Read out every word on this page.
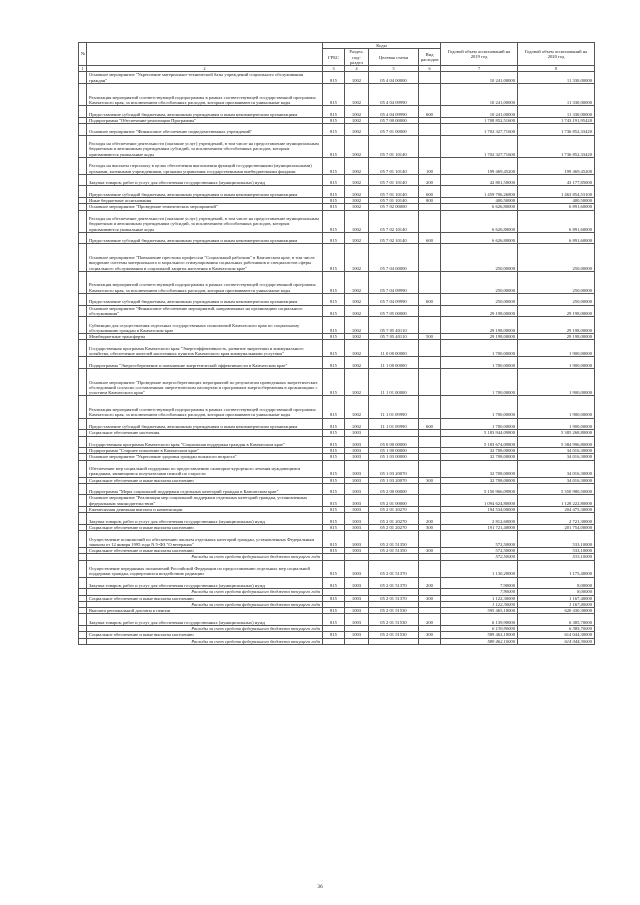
№		Коды				Годовой объем ассигнований на 2019 год	Годовой объем ассигнований на 2020 год
		ГРБС	Раздел, под-раздел	Целевая статья	Вид расходов		
1	2	3	4	5	6	7	8
	Основное мероприятие "Укрепление материально-технической базы учреждений социального обслуживания граждан"	815	1002	05 4 04 00000		10 241,00000	11 330,00000
	Реализация мероприятий соответствующей подпрограммы в рамках соответствующей государственной программы Камчатского края, за исключением обособленных расходов, которым присваиваются уникальные коды	815	1002	05 4 04 09990		10 241,00000	11 330,00000
	Предоставление субсидий бюджетным, автономным учреждениям и иным некоммерческим организациям	815	1002	05 4 04 09990	600	10 241,00000	11 330,00000
	Подпрограмма "Обеспечение реализации Программы"	815	1002	05 7 00 00000		1 708 852,51600	1 743 191,95420
	Основное мероприятие "Финансовое обеспечение подведомственных учреждений"	815	1002	05 7 01 00000		1 702 327,71600	1 736 852,33420
	Расходы на обеспечение деятельности (оказание услуг) учреждений, в том числе на предоставление муниципальным бюджетным и автономным учреждениям субсидий, за исключением обособленных расходов, которым присваиваются уникальные коды	815	1002	05 7 01 10140		1 702 327,71600	1 736 852,33420
	Расходы на выплаты персоналу в целях обеспечения выполнения функций государственными (муниципальными) органами, казенными учреждениями, органами управления государственными внебюджетными фондами	815	1002	05 7 01 10140	100	199 469,45200	199 469,45200
	Закупка товаров, работ и услуг для обеспечения государственных (муниципальных) нужд	815	1002	05 7 01 10140	200	42 801,50000	43 177,85000
	Предоставление субсидий бюджетным, автономным учреждениям и иным некоммерческим организациям	815	1002	05 7 01 10140	600	1 459 706,26800	1 463 854,53100
	Иные бюджетные ассигнования	815	1002	05 7 01 10140	800	400,50000	400,50000
	Основное мероприятие "Проведение тематических мероприятий"	815	1002	05 7 02 00000		6 626,80000	6 891,60000
	Расходы на обеспечение деятельности (оказание услуг) учреждений, в том числе на предоставление муниципальным бюджетным и автономным учреждениям субсидий, за исключением обособленных расходов, которым присваиваются уникальные коды	815	1002	05 7 02 10140		6 626,80000	6 891,60000
	Предоставление субсидий бюджетным, автономным учреждениям и иным некоммерческим организациям	815	1002	05 7 02 10140	600	6 626,80000	6 891,60000
	Основное мероприятие "Повышение престижа профессии "Социальный работник" в Камчатском крае, в том числе внедрение системы материального и морального стимулирования социальных работников и специалистов сферы социального обслуживания и социальной защиты населения в Камчатском крае"	815	1002	05 7 04 00000		250,00000	250,00000
	Реализация мероприятий соответствующей подпрограммы в рамках соответствующей государственной программы Камчатского края, за исключением обособленных расходов, которым присваиваются уникальные коды	815	1002	05 7 04 09990		250,00000	250,00000
	Предоставление субсидий бюджетным, автономным учреждениям и иным некоммерческим организациям	815	1002	05 7 04 09990	600	250,00000	250,00000
	Основное мероприятие "Финансовое обеспечение мероприятий, направленных на организацию социального обслуживания"	815	1002	05 7 05 00000		29 198,00000	29 198,00000
	Субвенции для осуществления отдельных государственных полномочий Камчатского края по социальному обслуживанию граждан в Камчатском крае	815	1002	05 7 05 40110		29 198,00000	29 198,00000
	Межбюджетные трансферты	815	1002	05 7 05 40110	500	29 198,00000	29 198,00000
	Государственная программа Камчатского края "Энергоэффективность, развитие энергетики и коммунального хозяйства, обеспечение жителей населенных пунктов Камчатского края коммунальными услугами"	815	1002	11 0 00 00000		1 700,00000	1 900,00000
	Подпрограмма "Энергосбережение и повышение энергетической эффективности в Камчатском крае"	815	1002	11 1 00 00000		1 700,00000	1 900,00000
	Основное мероприятие "Проведение энергосберегающих мероприятий по результатам проведенных энергетических обследований согласно составленным энергетическим паспортам и программам энергосбережения в организациях с участием Камчатского края"	815	1002	11 1 01 00000		1 700,00000	1 900,00000
	Реализация мероприятий соответствующей подпрограммы в рамках соответствующей государственной программы Камчатского края, за исключением обособленных расходов, которым присваиваются уникальные коды	815	1002	11 1 01 09990		1 700,00000	1 900,00000
	Предоставление субсидий бюджетным, автономным учреждениям и иным некоммерческим организациям	815	1002	11 1 01 09990	600	1 700,00000	1 900,00000
	Социальное обеспечение населения	815	1003			5 183 944,09800	5 385 268,80000
	Государственная программа Камчатского края "Социальная поддержка граждан в Камчатском крае"	815	1003	05 0 00 00000		5 183 674,09800	5 384 996,80000
	Подпрограмма "Старшее поколение в Камчатском крае"	815	1003	05 1 00 00000		32 708,00000	34 016,30000
	Основное мероприятие "Укрепление здоровья граждан пожилого возраста"	815	1003	05 1 03 00000		32 708,00000	34 016,30000
	Обеспечение мер социальной поддержки по предоставлению санаторно-курортного лечения нуждающимся гражданам, являющимся получателями пенсий по старости	815	1003	05 1 03 20070		32 708,00000	34 016,30000
	Социальное обеспечение и иные выплаты населению	815	1003	05 1 03 20070	300	32 708,00000	34 016,30000
	Подпрограмма "Меры социальной поддержки отдельных категорий граждан в Камчатском крае"	815	1003	05 2 00 00000		5 150 966,09800	5 350 980,50000
	Основное мероприятие "Реализация мер социальной поддержки отдельных категорий граждан, установленных федеральным законодательством"	815	1003	05 2 01 00000		1 094 624,80000	1 128 222,80000
	Ежемесячная денежная выплата и компенсации	815	1003	05 2 01 20270		194 534,00000	204 475,30000
	Закупка товаров, работ и услуг для обеспечения государственных (муниципальных) нужд	815	1003	05 2 01 20270	200	2 812,60000	2 721,30000
	Социальное обеспечение и иные выплаты населению	815	1003	05 2 01 20270	300	191 721,40000	201 754,00000
	Осуществление полномочий по обеспечению жильем отдельных категорий граждан, установленных Федеральным законом от 12 января 1995 года N 5-ФЗ "О ветеранах"	815	1003	05 2 01 51350		572,50000	533,10000
	Социальное обеспечение и иные выплаты населению	815	1003	05 2 01 51350	300	572,50000	533,10000
	Расходы за счет средств федерального бюджета текущего года					572,50000	533,10000
	Осуществление переданных полномочий Российской Федерации по предоставлению отдельных мер социальной поддержки граждан, подвергшихся воздействию радиации	815	1003	05 2 01 51370		1 130,20000	1 175,40000
	Закупка товаров, работ и услуг для обеспечения государственных (муниципальных) нужд	815	1003	05 2 01 51370	200	7,90000	8,00000
	Расходы за счет средств федерального бюджета текущего года					7,90000	8,00000
	Социальное обеспечение и иные выплаты населению	815	1003	05 2 01 51370	300	1 122,30000	1 167,40000
	Расходы за счет средств федерального бюджета текущего года					1 122,30000	1 167,40000
	Выплата региональной доплаты к пенсии	815	1003	05 2 01 51530		595 465,10000	620 430,30000
	Закупка товаров, работ и услуг для обеспечения государственных (муниципальных) нужд	815	1003	05 2 01 51530	200	6 139,90000	6 385,70000
	Расходы за счет средств федерального бюджета текущего года					6 139,90000	6 385,70000
	Социальное обеспечение и иные выплаты населению	815	1003	05 2 01 51530	300	589 462,10000	614 044,30000
	Расходы за счет средств федерального бюджета текущего года					589 462,10000	614 044,30000
36
